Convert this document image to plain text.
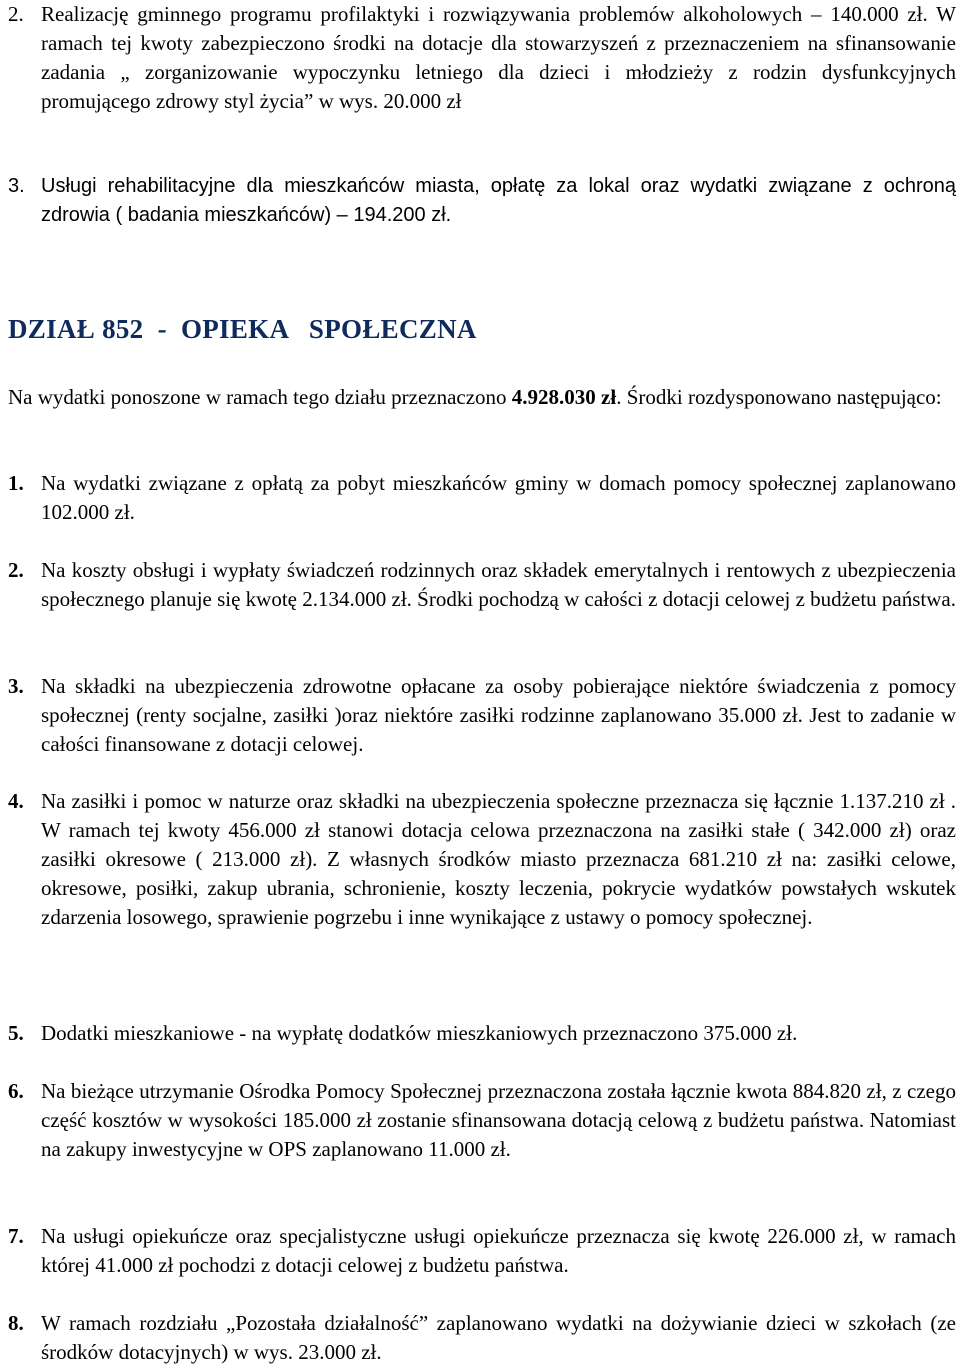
2. Realizację gminnego programu profilaktyki i rozwiązywania problemów alkoholowych – 140.000 zł. W ramach tej kwoty zabezpieczono środki na dotacje dla stowarzyszeń z przeznaczeniem na sfinansowanie zadania „ zorganizowanie wypoczynku letniego dla dzieci i młodzieży z rodzin dysfunkcyjnych promującego zdrowy styl życia” w wys. 20.000 zł
3. Usługi rehabilitacyjne dla mieszkańców miasta, opłatę za lokal oraz wydatki związane z ochroną zdrowia ( badania mieszkańców) – 194.200 zł.
DZIAŁ 852  -  OPIEKA   SPOŁECZNA
Na wydatki ponoszone w ramach tego działu przeznaczono 4.928.030 zł. Środki rozdysponowano następująco:
1. Na wydatki związane z opłatą za pobyt mieszkańców gminy w domach pomocy społecznej zaplanowano 102.000 zł.
2. Na koszty obsługi i wypłaty świadczeń rodzinnych oraz składek emerytalnych i rentowych z ubezpieczenia społecznego planuje się kwotę 2.134.000 zł. Środki pochodzą w całości z dotacji celowej z budżetu państwa.
3. Na składki na ubezpieczenia zdrowotne opłacane za osoby pobierające niektóre świadczenia z pomocy społecznej (renty socjalne, zasiłki )oraz niektóre zasiłki rodzinne zaplanowano 35.000 zł. Jest to zadanie w całości finansowane z dotacji celowej.
4. Na zasiłki i pomoc w naturze oraz składki na ubezpieczenia społeczne przeznacza się łącznie 1.137.210 zł . W ramach tej kwoty 456.000 zł stanowi dotacja celowa przeznaczona na zasiłki stałe ( 342.000 zł) oraz zasiłki okresowe ( 213.000 zł). Z własnych środków miasto przeznacza 681.210 zł na: zasiłki celowe, okresowe, posiłki, zakup ubrania, schronienie, koszty leczenia, pokrycie wydatków powstałych wskutek zdarzenia losowego, sprawienie pogrzebu i inne wynikające z ustawy o pomocy społecznej.
5. Dodatki mieszkaniowe - na wypłatę dodatków mieszkaniowych przeznaczono 375.000 zł.
6. Na bieżące utrzymanie Ośrodka Pomocy Społecznej przeznaczona została łącznie kwota 884.820 zł, z czego część kosztów w wysokości 185.000 zł zostanie sfinansowana dotacją celową z budżetu państwa. Natomiast na zakupy inwestycyjne w OPS zaplanowano 11.000 zł.
7. Na usługi opiekuńcze oraz specjalistyczne usługi opiekuńcze przeznacza się kwotę 226.000 zł, w ramach której 41.000 zł pochodzi z dotacji celowej z budżetu państwa.
8. W ramach rozdziału „Pozostała działalność” zaplanowano wydatki na dożywianie dzieci w szkołach (ze środków dotacyjnych) w wys. 23.000 zł.
